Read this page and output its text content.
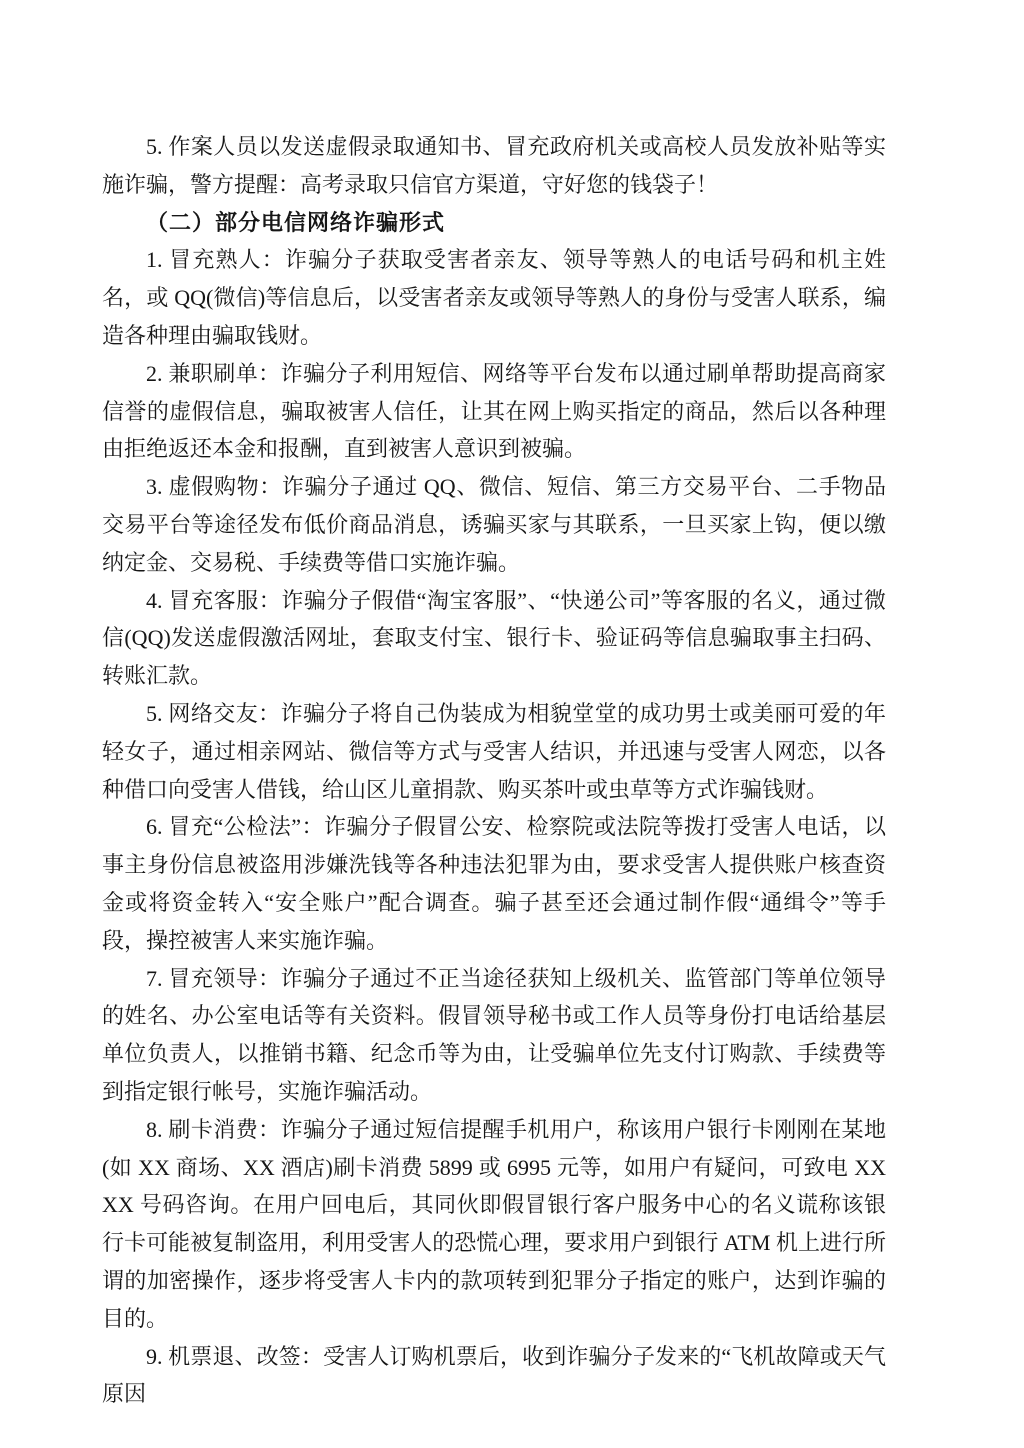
5. 作案人员以发送虚假录取通知书、冒充政府机关或高校人员发放补贴等实施诈骗，警方提醒：高考录取只信官方渠道，守好您的钱袋子！

（二）部分电信网络诈骗形式

1. 冒充熟人：诈骗分子获取受害者亲友、领导等熟人的电话号码和机主姓名，或 QQ(微信)等信息后，以受害者亲友或领导等熟人的身份与受害人联系，编造各种理由骗取钱财。

2. 兼职刷单：诈骗分子利用短信、网络等平台发布以通过刷单帮助提高商家信誉的虚假信息，骗取被害人信任，让其在网上购买指定的商品，然后以各种理由拒绝返还本金和报酬，直到被害人意识到被骗。

3. 虚假购物：诈骗分子通过 QQ、微信、短信、第三方交易平台、二手物品交易平台等途径发布低价商品消息，诱骗买家与其联系，一旦买家上钩，便以缴纳定金、交易税、手续费等借口实施诈骗。

4. 冒充客服：诈骗分子假借“淘宝客服”、“快递公司”等客服的名义，通过微信(QQ)发送虚假激活网址，套取支付宝、银行卡、验证码等信息骗取事主扫码、转账汇款。

5. 网络交友：诈骗分子将自己伪装成为相貌堂堂的成功男士或美丽可爱的年轻女子，通过相亲网站、微信等方式与受害人结识，并迅速与受害人网恋，以各种借口向受害人借钱，给山区儿童捐款、购买茶叶或虫草等方式诈骗钱财。

6. 冒充“公检法”：诈骗分子假冒公安、检察院或法院等拨打受害人电话，以事主身份信息被盗用涉嫌洗钱等各种违法犯罪为由，要求受害人提供账户核查资金或将资金转入“安全账户”配合调查。骗子甚至还会通过制作假“通缉令”等手段，操控被害人来实施诈骗。

7. 冒充领导：诈骗分子通过不正当途径获知上级机关、监管部门等单位领导的姓名、办公室电话等有关资料。假冒领导秘书或工作人员等身份打电话给基层单位负责人，以推销书籍、纪念币等为由，让受骗单位先支付订购款、手续费等到指定银行帐号，实施诈骗活动。

8. 刷卡消费：诈骗分子通过短信提醒手机用户，称该用户银行卡刚刚在某地(如 XX 商场、XX 酒店)刷卡消费 5899 或 6995 元等，如用户有疑问，可致电 XXXX 号码咨询。在用户回电后，其同伙即假冒银行客户服务中心的名义谎称该银行卡可能被复制盗用，利用受害人的恐慌心理，要求用户到银行 ATM 机上进行所谓的加密操作，逐步将受害人卡内的款项转到犯罪分子指定的账户，达到诈骗的目的。

9. 机票退、改签：受害人订购机票后，收到诈骗分子发来的“飞机故障或天气原因
